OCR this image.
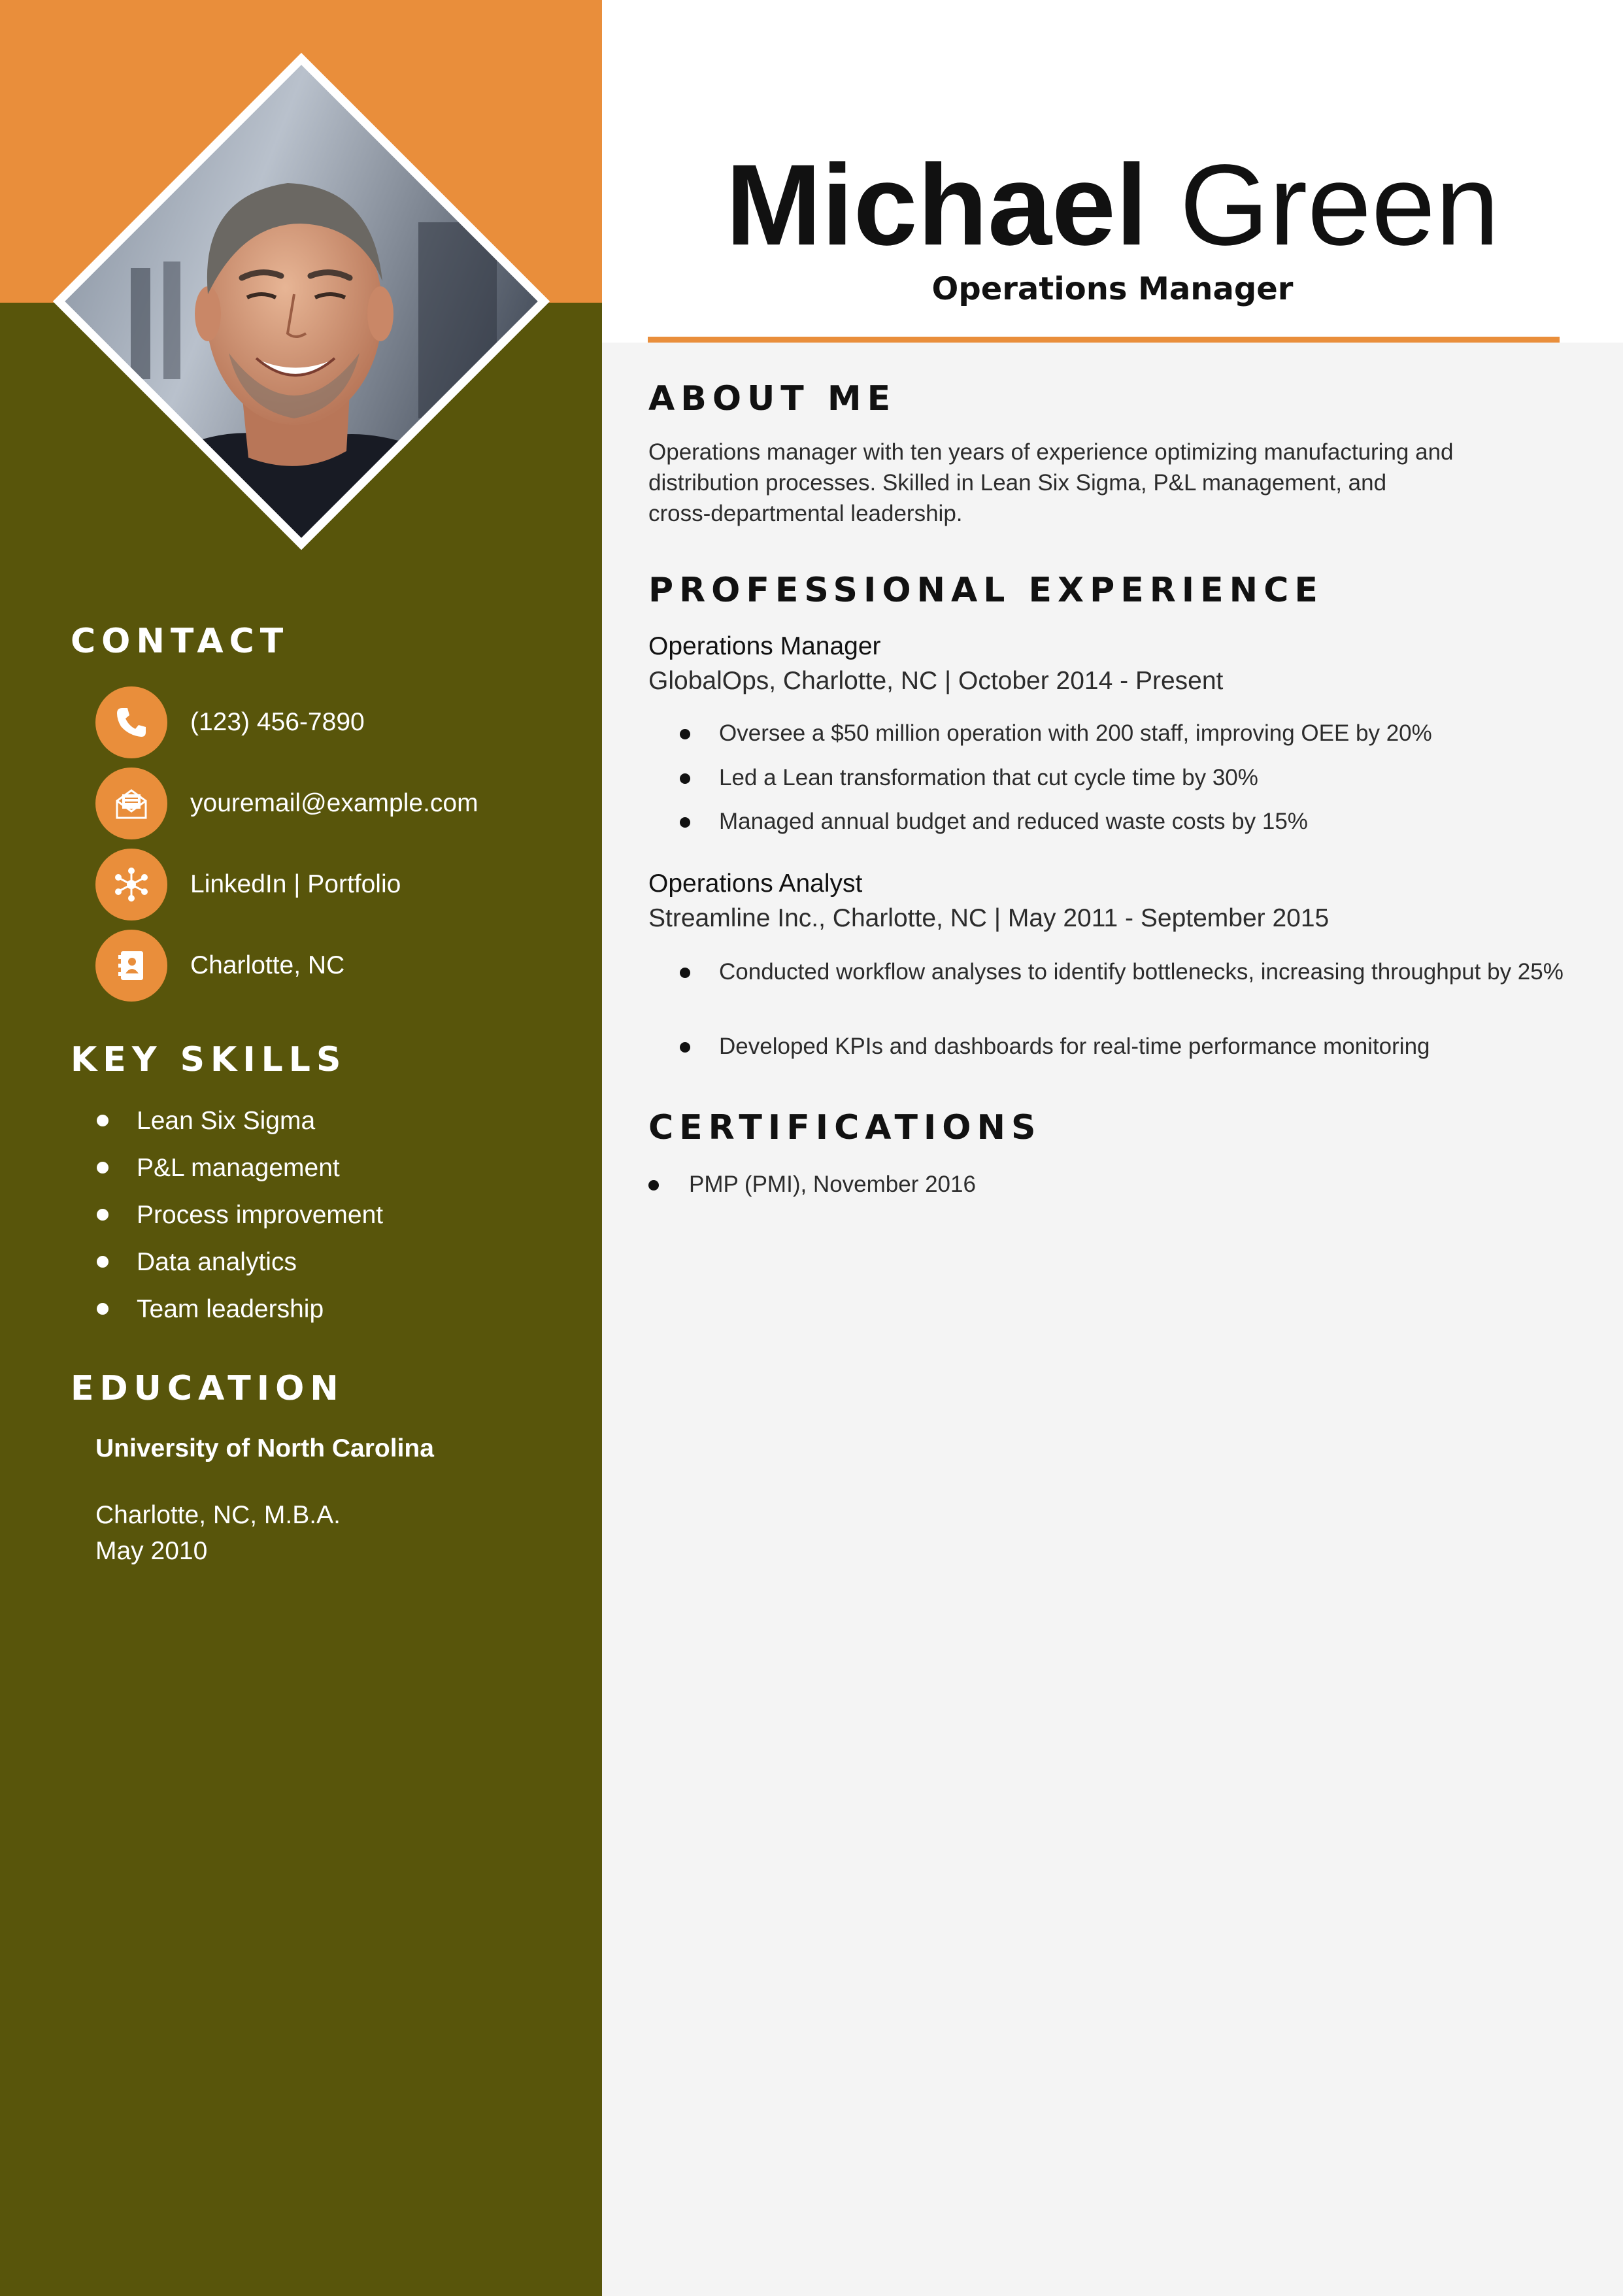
CONTACT
(123) 456-7890
youremail@example.com
LinkedIn | Portfolio
Charlotte, NC
KEY SKILLS
Lean Six Sigma
P&L management
Process improvement
Data analytics
Team leadership
EDUCATION
University of North Carolina
Charlotte, NC, M.B.A.
May 2010
Michael Green
Operations Manager
ABOUT ME
Operations manager with ten years of experience optimizing manufacturing and
distribution processes. Skilled in Lean Six Sigma, P&L management, and
cross-departmental leadership.
PROFESSIONAL EXPERIENCE
Operations Manager
GlobalOps, Charlotte, NC | October 2014 - Present
Oversee a $50 million operation with 200 staff, improving OEE by 20%
Led a Lean transformation that cut cycle time by 30%
Managed annual budget and reduced waste costs by 15%
Operations Analyst
Streamline Inc., Charlotte, NC | May 2011 - September 2015
Conducted workflow analyses to identify bottlenecks, increasing throughput by 25%
Developed KPIs and dashboards for real-time performance monitoring
CERTIFICATIONS
PMP (PMI), November 2016
